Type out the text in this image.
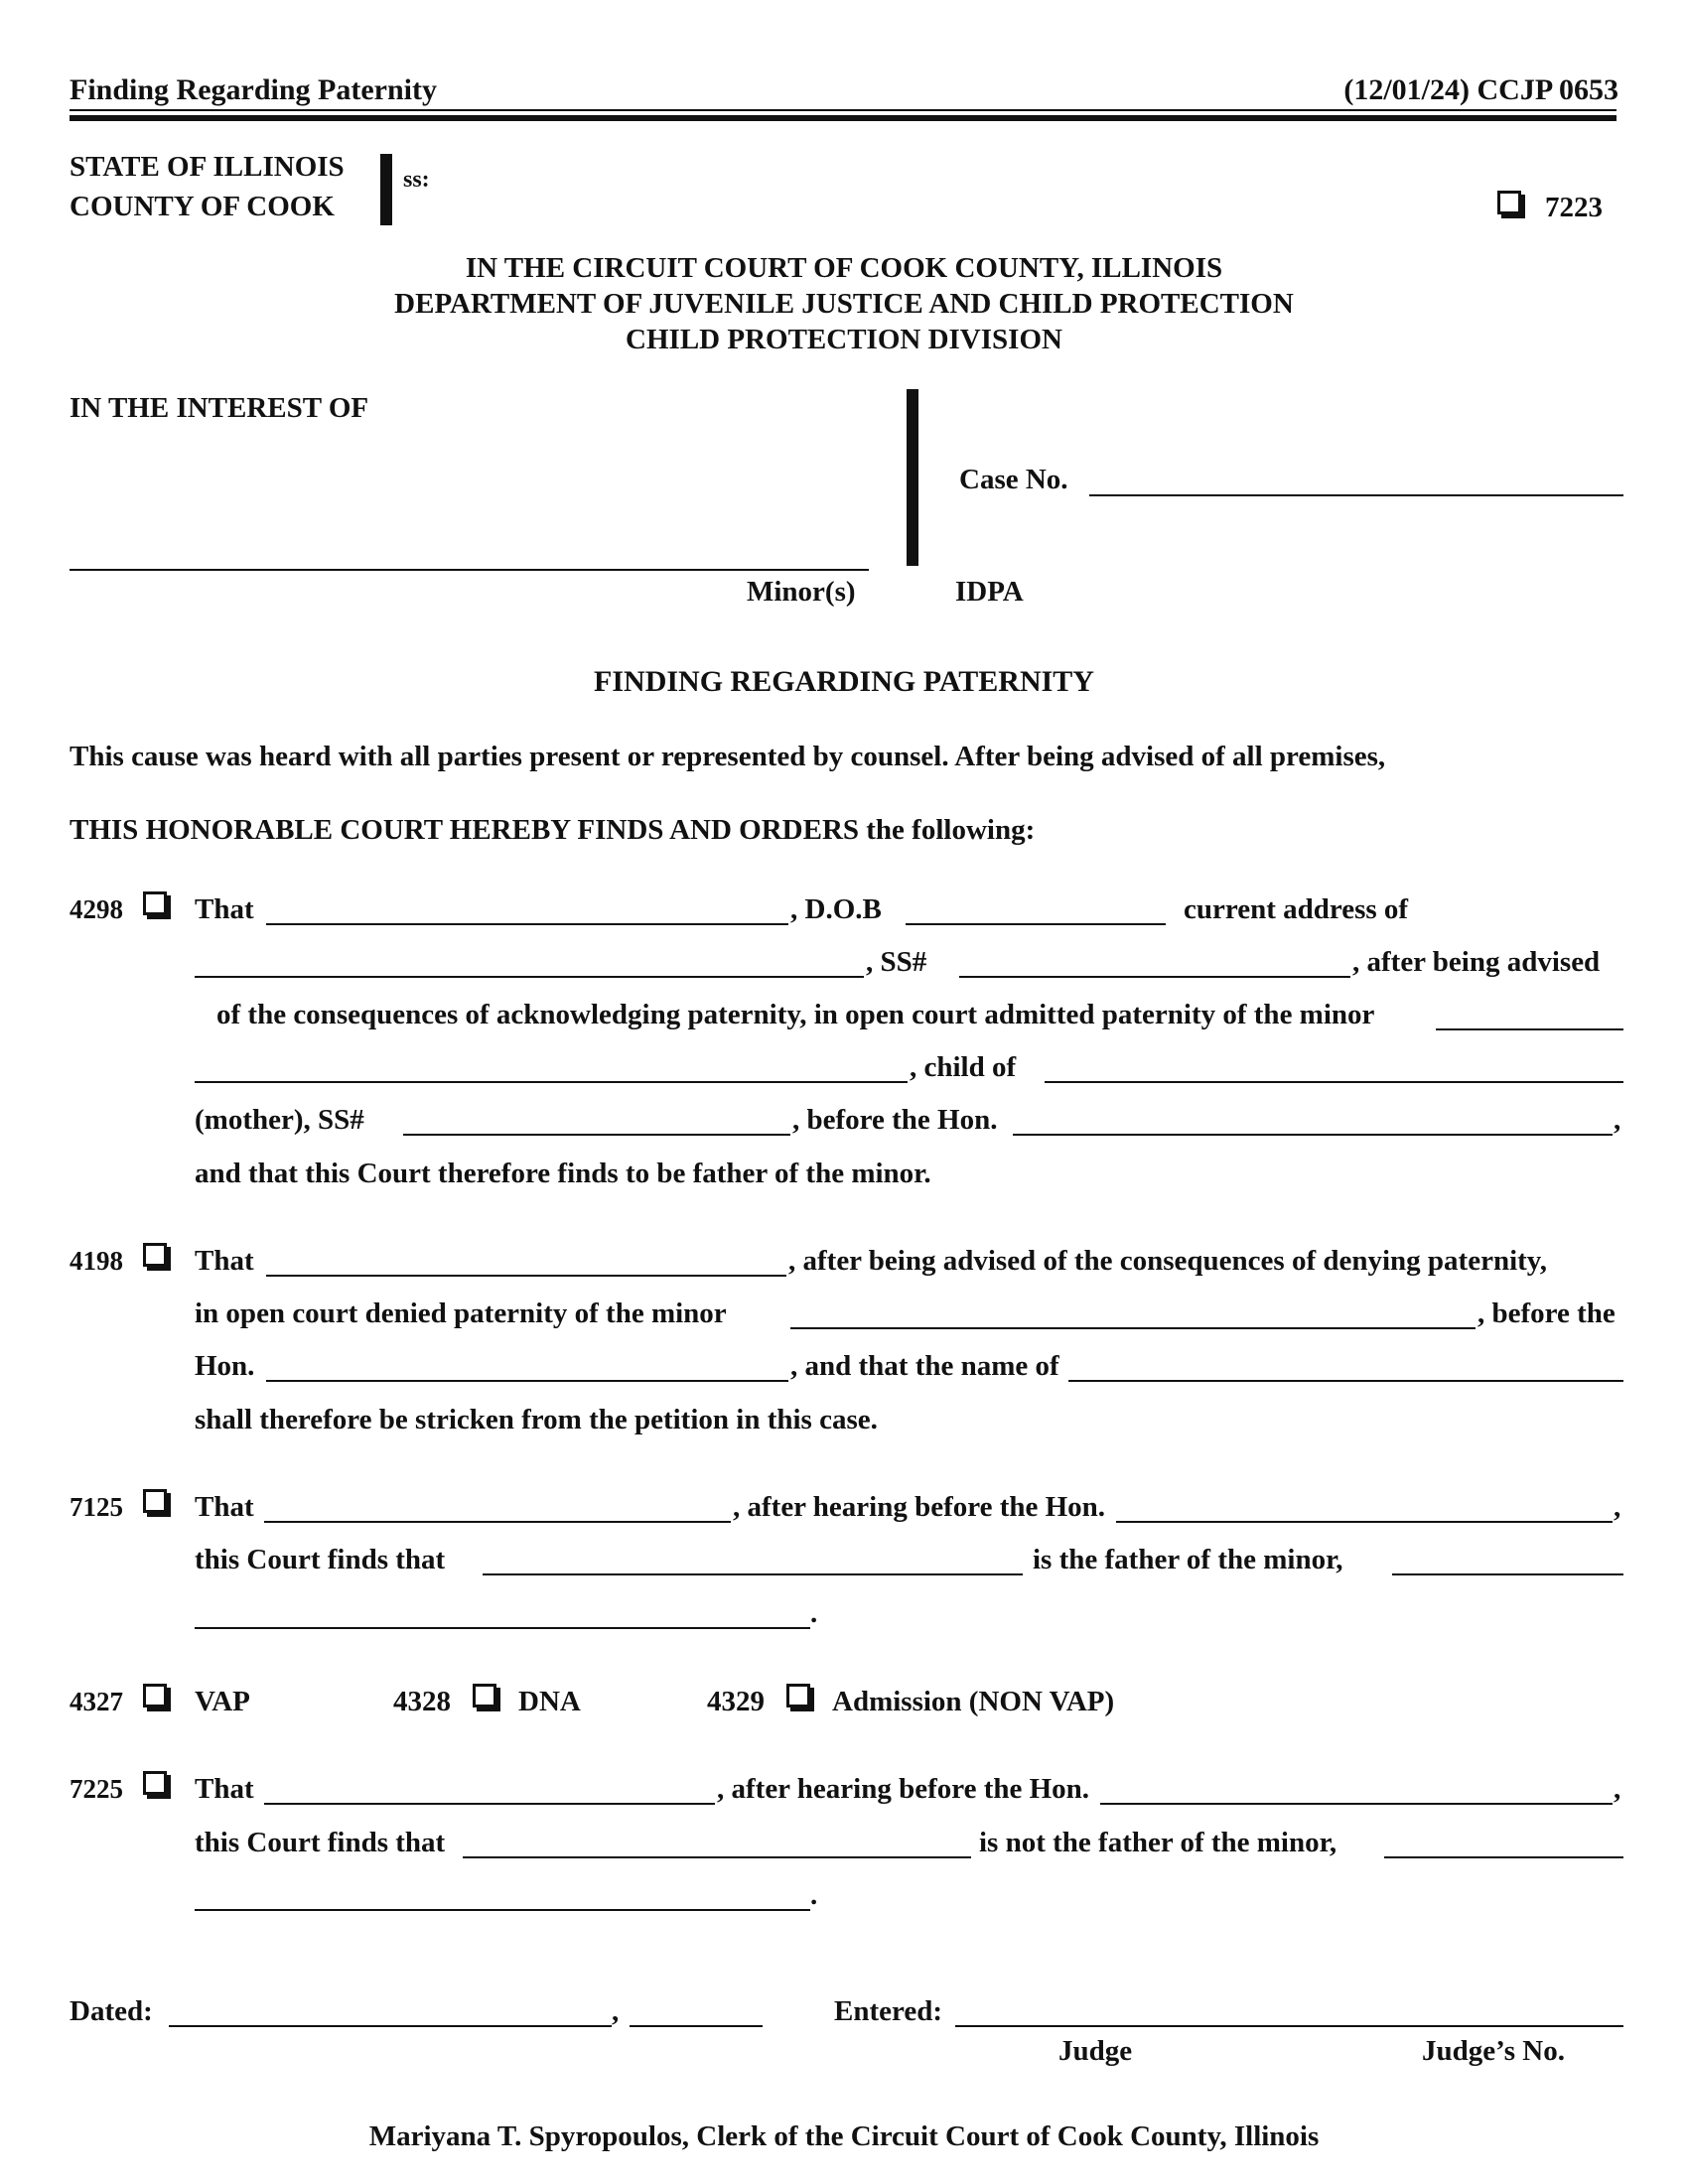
Finding Regarding Paternity	(12/01/24) CCJP 0653
STATE OF ILLINOIS
COUNTY OF COOK
ss:
7223
IN THE CIRCUIT COURT OF COOK COUNTY, ILLINOIS
DEPARTMENT OF JUVENILE JUSTICE AND CHILD PROTECTION
CHILD PROTECTION DIVISION
IN THE INTEREST OF
Minor(s)
Case No.
IDPA
FINDING REGARDING PATERNITY
This cause was heard with all parties present or represented by counsel. After being advised of all premises,
THIS HONORABLE COURT HEREBY FINDS AND ORDERS the following:
4298 That	, D.O.B	current address of
, SS#	, after being advised
of the consequences of acknowledging paternity, in open court admitted paternity of the minor
, child of
(mother), SS#	, before the Hon.	,
and that this Court therefore finds to be father of the minor.
4198 That	, after being advised of the consequences of denying paternity,
in open court denied paternity of the minor	, before the
Hon.	, and that the name of
shall therefore be stricken from the petition in this case.
7125 That	, after hearing before the Hon.	,
this Court finds that	is the father of the minor,
.
4327 VAP	4328 DNA	4329 Admission (NON VAP)
7225 That	, after hearing before the Hon.	,
this Court finds that	is not the father of the minor,
.
Dated:	,	Entered:
Judge	Judge’s No.
Mariyana T. Spyropoulos, Clerk of the Circuit Court of Cook County, Illinois
